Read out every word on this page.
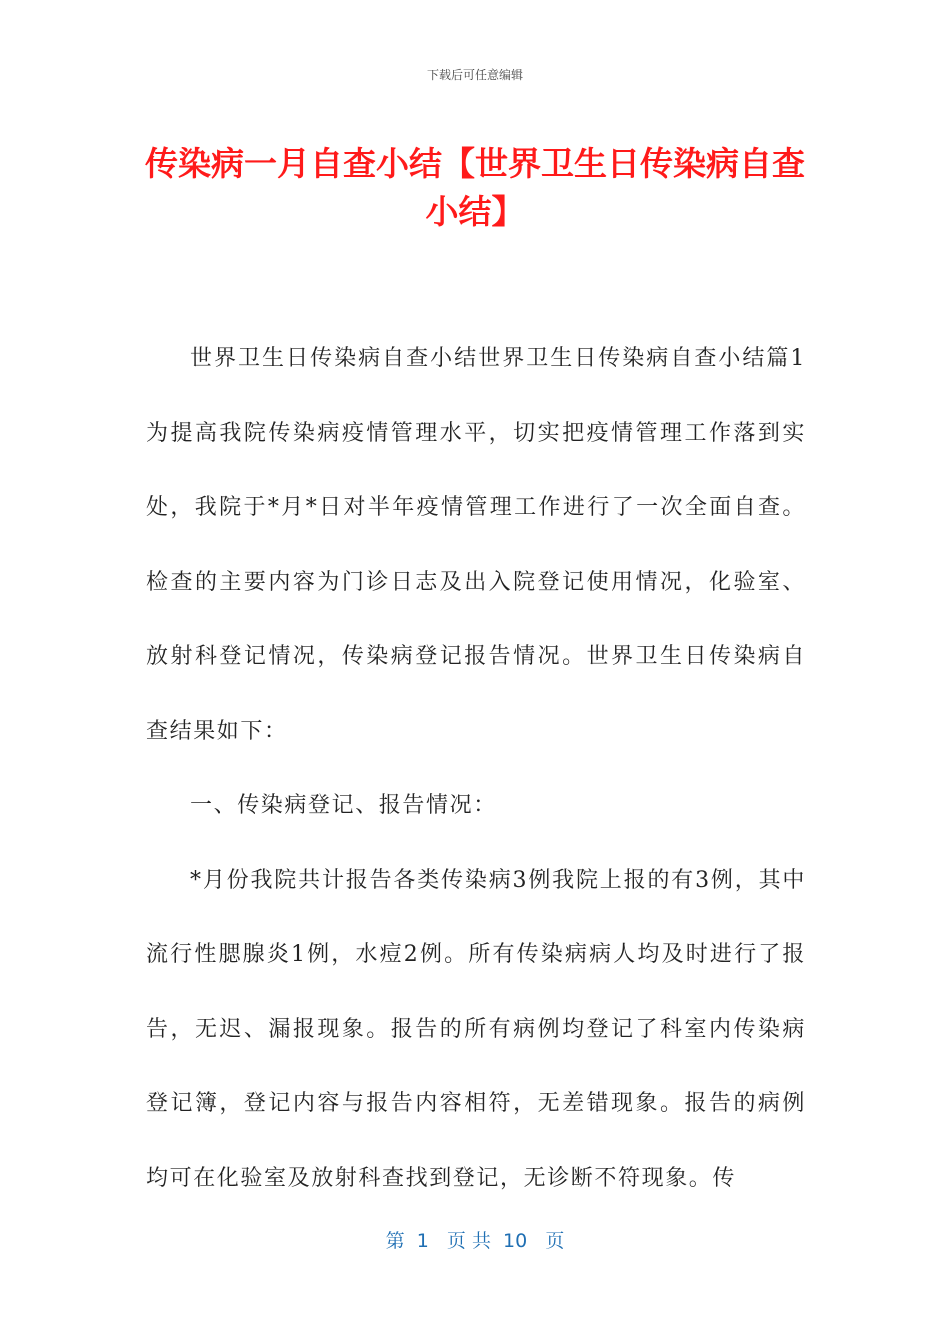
下载后可任意编辑
传染病一月自查小结【世界卫生日传染病自查小结】

世界卫生日传染病自查小结世界卫生日传染病自查小结篇1为提高我院传染病疫情管理水平，切实把疫情管理工作落到实处，我院于*月*日对半年疫情管理工作进行了一次全面自查。检查的主要内容为门诊日志及出入院登记使用情况，化验室、放射科登记情况，传染病登记报告情况。世界卫生日传染病自查结果如下：

一、传染病登记、报告情况：

*月份我院共计报告各类传染病3例我院上报的有3例，其中流行性腮腺炎1例，水痘2例。所有传染病病人均及时进行了报告，无迟、漏报现象。报告的所有病例均登记了科室内传染病登记簿，登记内容与报告内容相符，无差错现象。报告的病例均可在化验室及放射科查找到登记，无诊断不符现象。传

第  1   页 共  10   页
